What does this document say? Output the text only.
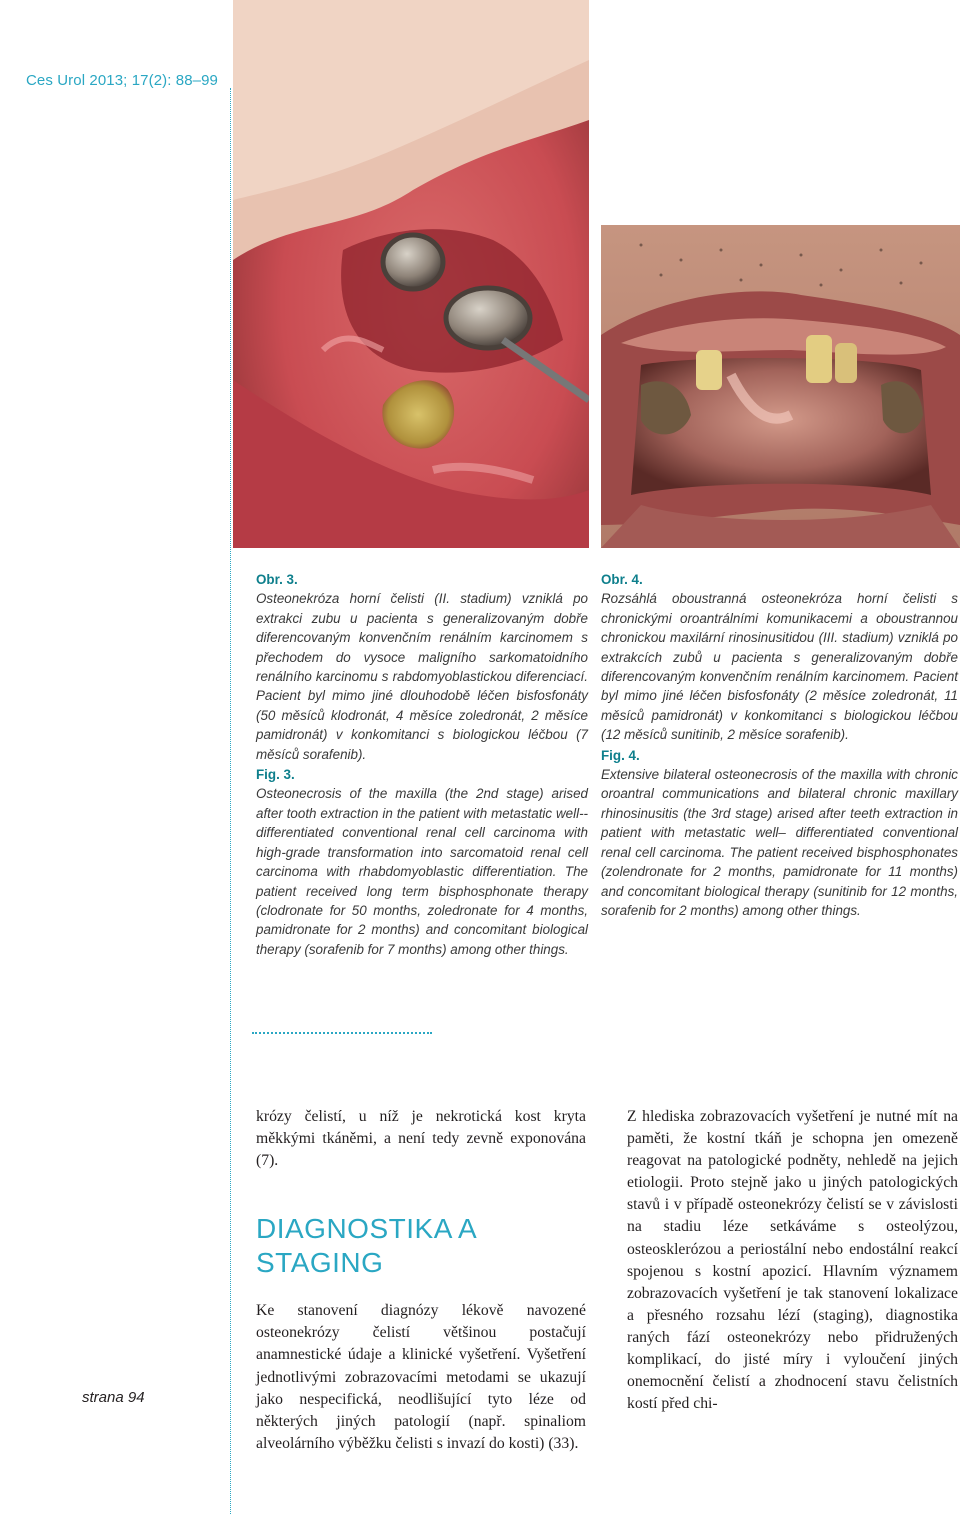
Ces Urol 2013; 17(2): 88–99
Obr. 3.

Osteonekróza horní čelisti (II. stadium) vzniklá po extrakci zubu u pacienta s generalizovaným dobře diferencovaným konvenčním renálním karcinomem s přechodem do vysoce maligního sarkomatoidního renálního karcinomu s rabdomyoblastickou diferenciací. Pacient byl mimo jiné dlouhodobě léčen bisfosfonáty (50 měsíců klodronát, 4 měsíce zoledronát, 2 měsíce pamidronát) v konkomitanci s biologickou léčbou (7 měsíců sorafenib).

Fig. 3.

Osteonecrosis of the maxilla (the 2nd stage) arised after tooth extraction in the patient with metastatic well--differentiated conventional renal cell carcinoma with high-grade transformation into sarcomatoid renal cell carcinoma with rhabdomyoblastic differentiation. The patient received long term bisphosphonate therapy (clodronate for 50 months, zoledronate for 4 months, pamidronate for 2 months) and concomitant biological therapy (sorafenib for 7 months) among other things.

Obr. 4.

Rozsáhlá oboustranná osteonekróza horní čelisti s chronickými oroantrálními komunikacemi a oboustrannou chronickou maxilární rinosinusitidou (III. stadium) vzniklá po extrakcích zubů u pacienta s generalizovaným dobře diferencovaným konvenčním renálním karcinomem. Pacient byl mimo jiné léčen bisfosfonáty (2 měsíce zoledronát, 11 měsíců pamidronát) v konkomitanci s biologickou léčbou (12 měsíců sunitinib, 2 měsíce sorafenib).

Fig. 4.

Extensive bilateral osteonecrosis of the maxilla with chronic oroantral communications and bilateral chronic maxillary rhinosinusitis (the 3rd stage) arised after teeth extraction in patient with metastatic well– differentiated conventional renal cell carcinoma. The patient received bisphosphonates (zolendronate for 2 months, pamidronate for 11 months) and concomitant biological therapy (sunitinib for 12 months, sorafenib for 2 months) among other things.

krózy čelistí, u níž je nekrotická kost kryta měkkými tkáněmi, a není tedy zevně exponována (7).

DIAGNOSTIKA A STAGING

Ke stanovení diagnózy lékově navozené osteonekrózy čelistí většinou postačují anamnestické údaje a klinické vyšetření. Vyšetření jednotlivými zobrazovacími metodami se ukazují jako nespecifická, neodlišující tyto léze od některých jiných patologií (např. spinaliom alveolárního výběžku čelisti s invazí do kosti) (33).

Z hlediska zobrazovacích vyšetření je nutné mít na paměti, že kostní tkáň je schopna jen omezeně reagovat na patologické podněty, nehledě na jejich etiologii. Proto stejně jako u jiných patologických stavů i v případě osteonekrózy čelistí se v závislosti na stadiu léze setkáváme s osteolýzou, osteosklerózou a periostální nebo endostální reakcí spojenou s kostní apozicí. Hlavním významem zobrazovacích vyšetření je tak stanovení lokalizace a přesného rozsahu lézí (staging), diagnostika raných fází osteonekrózy nebo přidružených komplikací, do jisté míry i vyloučení jiných onemocnění čelistí a zhodnocení stavu čelistních kostí před chi-

strana 94
